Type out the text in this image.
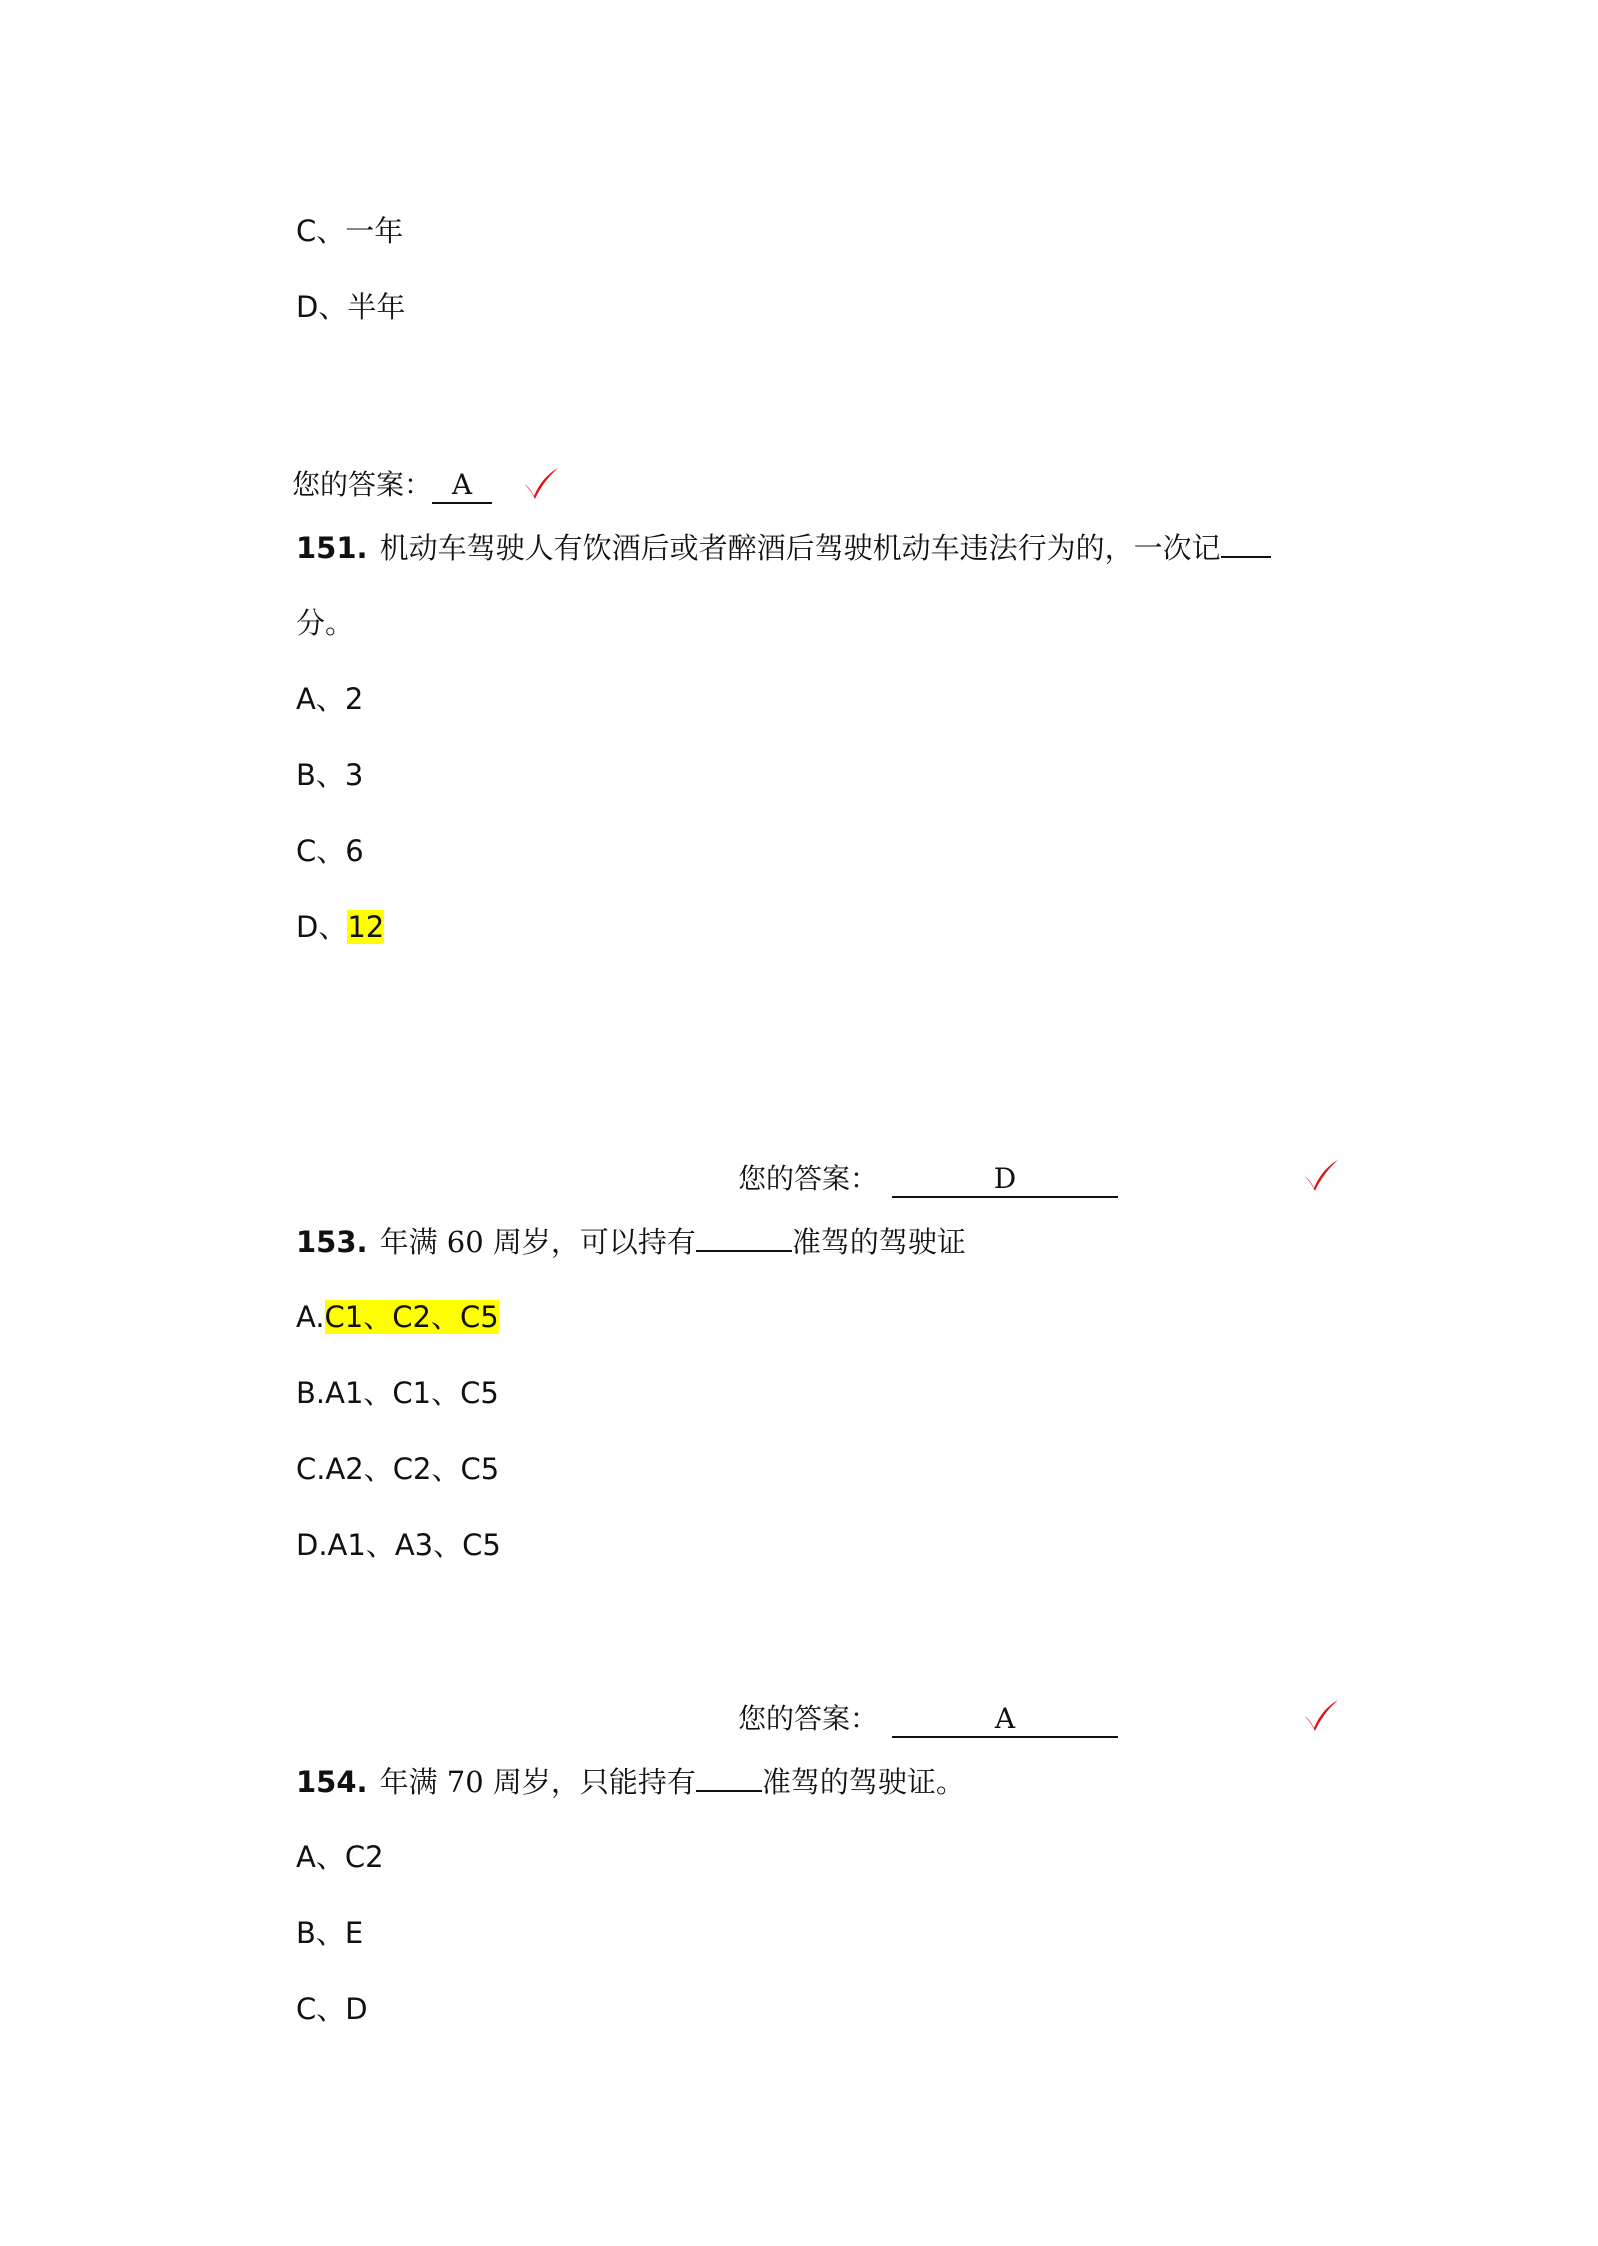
C、一年
D、半年
您的答案： A
151. 机动车驾驶人有饮酒后或者醉酒后驾驶机动车违法行为的，一次记
分。
A、2
B、3
C、6
D、12
您的答案：	D
153. 年满 60 周岁，可以持有	准驾的驾驶证
A.C1、C2、C5
B.A1、C1、C5
C.A2、C2、C5
D.A1、A3、C5
您的答案：	A
154. 年满 70 周岁，只能持有 准驾的驾驶证。
A、C2
B、E
C、D
